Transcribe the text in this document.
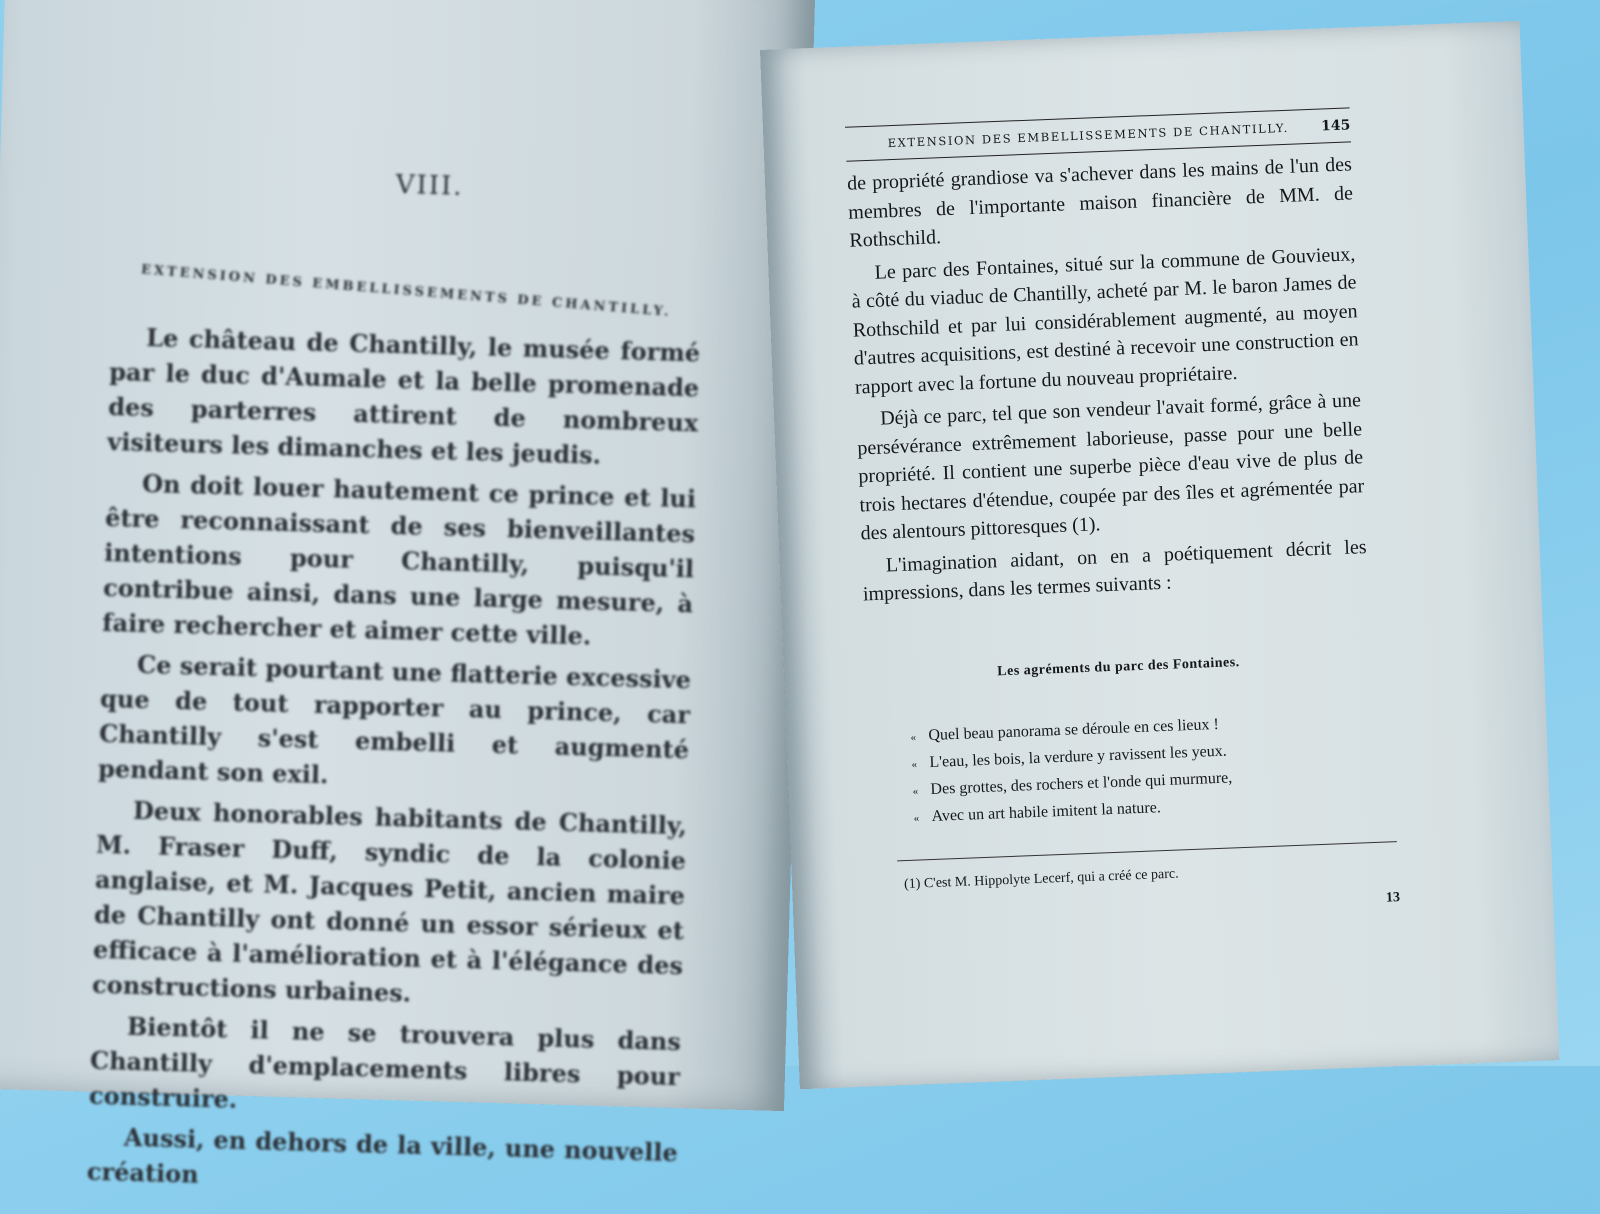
VIII.
EXTENSION DES EMBELLISSEMENTS DE CHANTILLY.

Le château de Chantilly, le musée formé par le duc d'Aumale et la belle promenade des parterres attirent de nombreux visiteurs les dimanches et les jeudis.

On doit louer hautement ce prince et lui être reconnaissant de ses bienveillantes intentions pour Chantilly, puisqu'il contribue ainsi, dans une large mesure, à faire rechercher et aimer cette ville.

Ce serait pourtant une flatterie excessive que de tout rapporter au prince, car Chantilly s'est embelli et augmenté pendant son exil.

Deux honorables habitants de Chantilly, M. Fraser Duff, syndic de la colonie anglaise, et M. Jacques Petit, ancien maire de Chantilly ont donné un essor sérieux et efficace à l'amélioration et à l'élégance des constructions urbaines.

Bientôt il ne se trouvera plus dans Chantilly d'emplacements libres pour construire.

Aussi, en dehors de la ville, une nouvelle création

EXTENSION DES EMBELLISSEMENTS DE CHANTILLY. 145

de propriété grandiose va s'achever dans les mains de l'un des membres de l'importante maison financière de MM. de Rothschild.

Le parc des Fontaines, situé sur la commune de Gouvieux, à côté du viaduc de Chantilly, acheté par M. le baron James de Rothschild et par lui considérablement augmenté, au moyen d'autres acquisitions, est destiné à recevoir une construction en rapport avec la fortune du nouveau propriétaire.

Déjà ce parc, tel que son vendeur l'avait formé, grâce à une persévérance extrêmement laborieuse, passe pour une belle propriété. Il contient une superbe pièce d'eau vive de plus de trois hectares d'étendue, coupée par des îles et agrémentée par des alentours pittoresques (1).

L'imagination aidant, on en a poétiquement décrit les impressions, dans les termes suivants :

Les agréments du parc des Fontaines.
« Quel beau panorama se déroule en ces lieux !
« L'eau, les bois, la verdure y ravissent les yeux.
« Des grottes, des rochers et l'onde qui murmure,
« Avec un art habile imitent la nature.
(1) C'est M. Hippolyte Lecerf, qui a créé ce parc.
13
